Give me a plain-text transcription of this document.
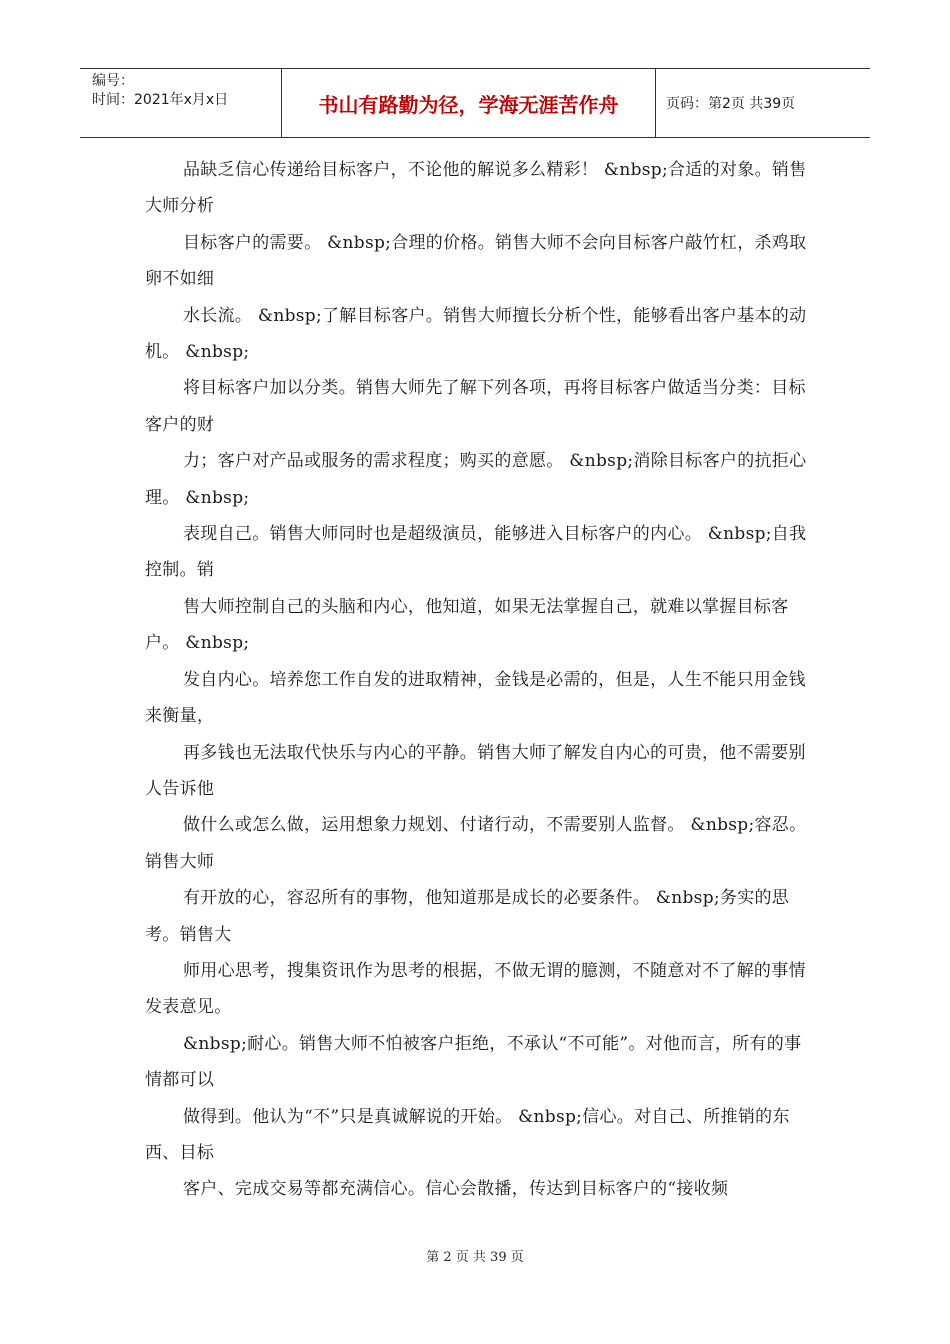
编号：
时间：2021年x月x日	书山有路勤为径，学海无涯苦作舟	页码：第2页 共39页

品缺乏信心传递给目标客户，不论他的解说多么精彩！ &nbsp;合适的对象。销售大师分析

目标客户的需要。 &nbsp;合理的价格。销售大师不会向目标客户敲竹杠，杀鸡取卵不如细

水长流。 &nbsp;了解目标客户。销售大师擅长分析个性，能够看出客户基本的动机。 &nbsp;

将目标客户加以分类。销售大师先了解下列各项，再将目标客户做适当分类：目标客户的财

力；客户对产品或服务的需求程度；购买的意愿。 &nbsp;消除目标客户的抗拒心理。 &nbsp;

表现自己。销售大师同时也是超级演员，能够进入目标客户的内心。 &nbsp;自我控制。销

售大师控制自己的头脑和内心，他知道，如果无法掌握自己，就难以掌握目标客户。 &nbsp;

发自内心。培养您工作自发的进取精神，金钱是必需的，但是，人生不能只用金钱来衡量，

再多钱也无法取代快乐与内心的平静。销售大师了解发自内心的可贵，他不需要别人告诉他

做什么或怎么做，运用想象力规划、付诸行动，不需要别人监督。 &nbsp;容忍。销售大师

有开放的心，容忍所有的事物，他知道那是成长的必要条件。 &nbsp;务实的思考。销售大

师用心思考，搜集资讯作为思考的根据，不做无谓的臆测，不随意对不了解的事情发表意见。

&nbsp;耐心。销售大师不怕被客户拒绝，不承认“不可能”。对他而言，所有的事情都可以

做得到。他认为“不”只是真诚解说的开始。 &nbsp;信心。对自己、所推销的东西、目标

客户、完成交易等都充满信心。信心会散播，传达到目标客户的“接收频

第 2 页 共 39 页
